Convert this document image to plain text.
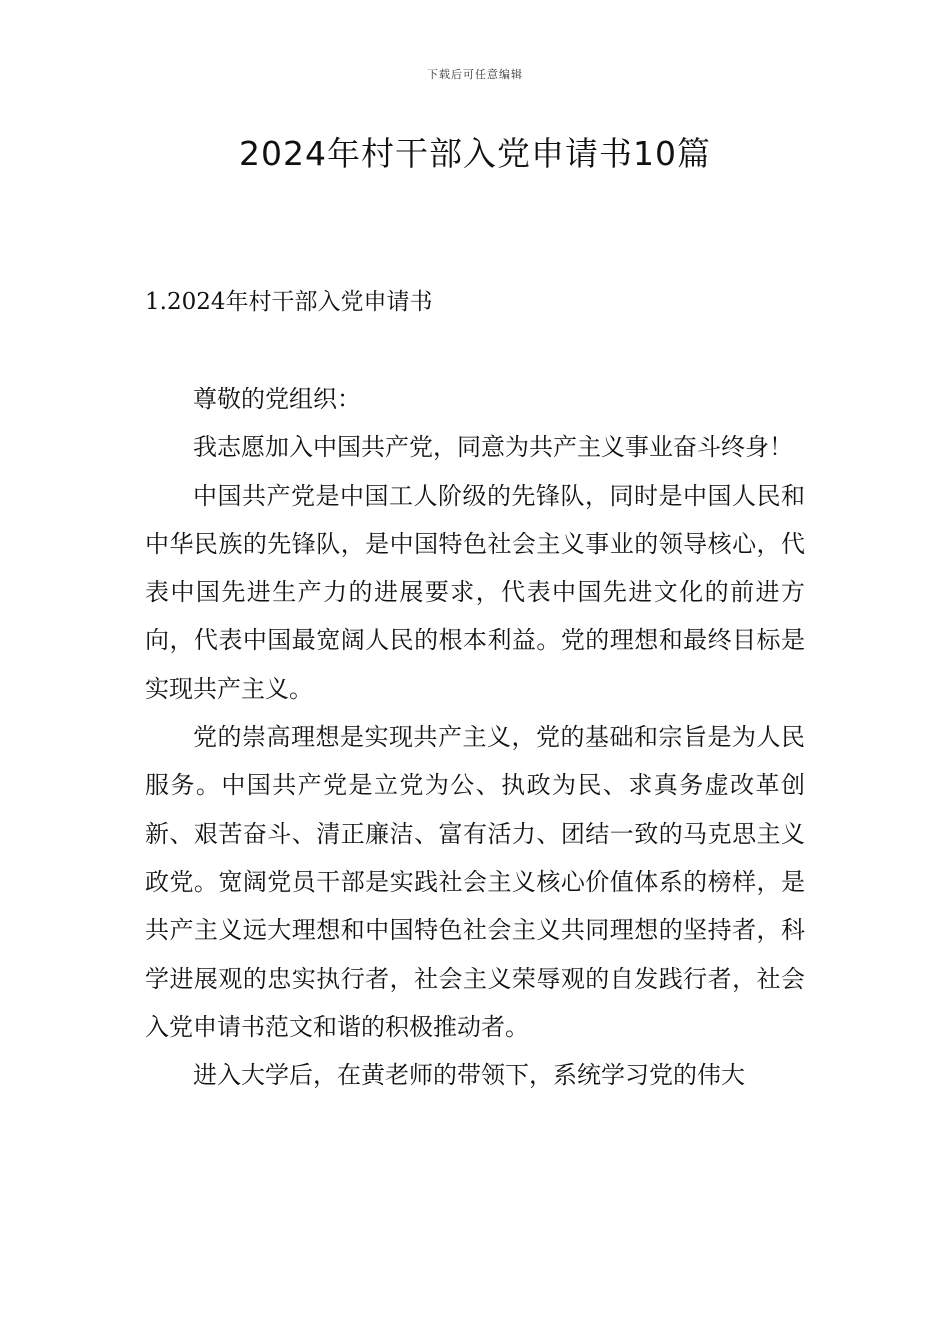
下载后可任意编辑
2024年村干部入党申请书10篇
1.2024年村干部入党申请书

尊敬的党组织：

我志愿加入中国共产党，同意为共产主义事业奋斗终身！

中国共产党是中国工人阶级的先锋队，同时是中国人民和中华民族的先锋队，是中国特色社会主义事业的领导核心，代表中国先进生产力的进展要求，代表中国先进文化的前进方向，代表中国最宽阔人民的根本利益。党的理想和最终目标是实现共产主义。

党的崇高理想是实现共产主义，党的基础和宗旨是为人民服务。中国共产党是立党为公、执政为民、求真务虚改革创新、艰苦奋斗、清正廉洁、富有活力、团结一致的马克思主义政党。宽阔党员干部是实践社会主义核心价值体系的榜样，是共产主义远大理想和中国特色社会主义共同理想的坚持者，科学进展观的忠实执行者，社会主义荣辱观的自发践行者，社会入党申请书范文和谐的积极推动者。

进入大学后，在黄老师的带领下，系统学习党的伟大
